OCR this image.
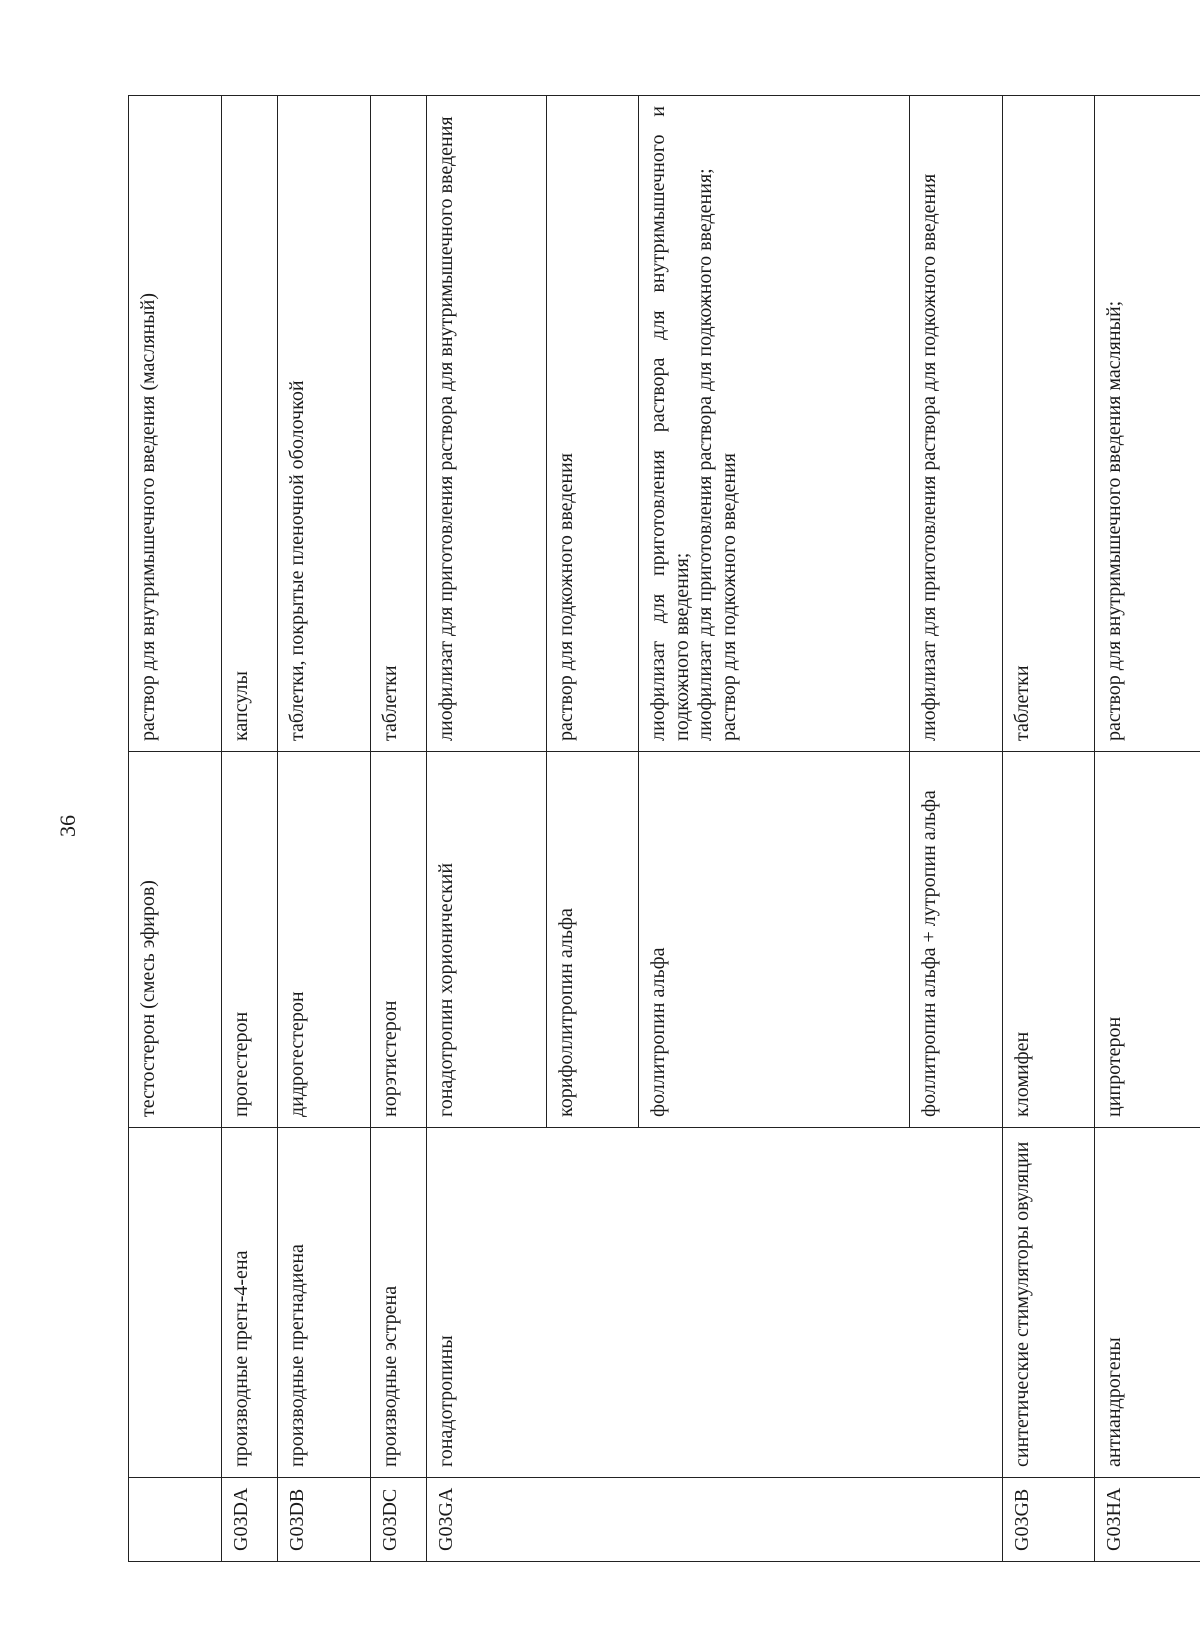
36
		тестостерон (смесь эфиров)	раствор для внутримышечного введения (масляный)
G03DA	производные прегн-4-ена	прогестерон	капсулы
G03DB	производные прегнадиена	дидрогестерон	таблетки, покрытые пленочной оболочкой
G03DC	производные эстрена	норэтистерон	таблетки
G03GA	гонадотропины	гонадотропин хорионический	лиофилизат для приготовления раствора для внутримышечного введения
		корифоллитропин альфа	раствор для подкожного введения
		фоллитропин альфа	лиофилизат для приготовления раствора для внутримышечного и подкожного введения;
лиофилизат для приготовления раствора для подкожного введения;
раствор для подкожного введения
		фоллитропин альфа + лутропин альфа	лиофилизат для приготовления раствора для подкожного введения
G03GB	синтетические стимуляторы овуляции	кломифен	таблетки
G03HA	антиандрогены	ципротерон	раствор для внутримышечного введения масляный;
